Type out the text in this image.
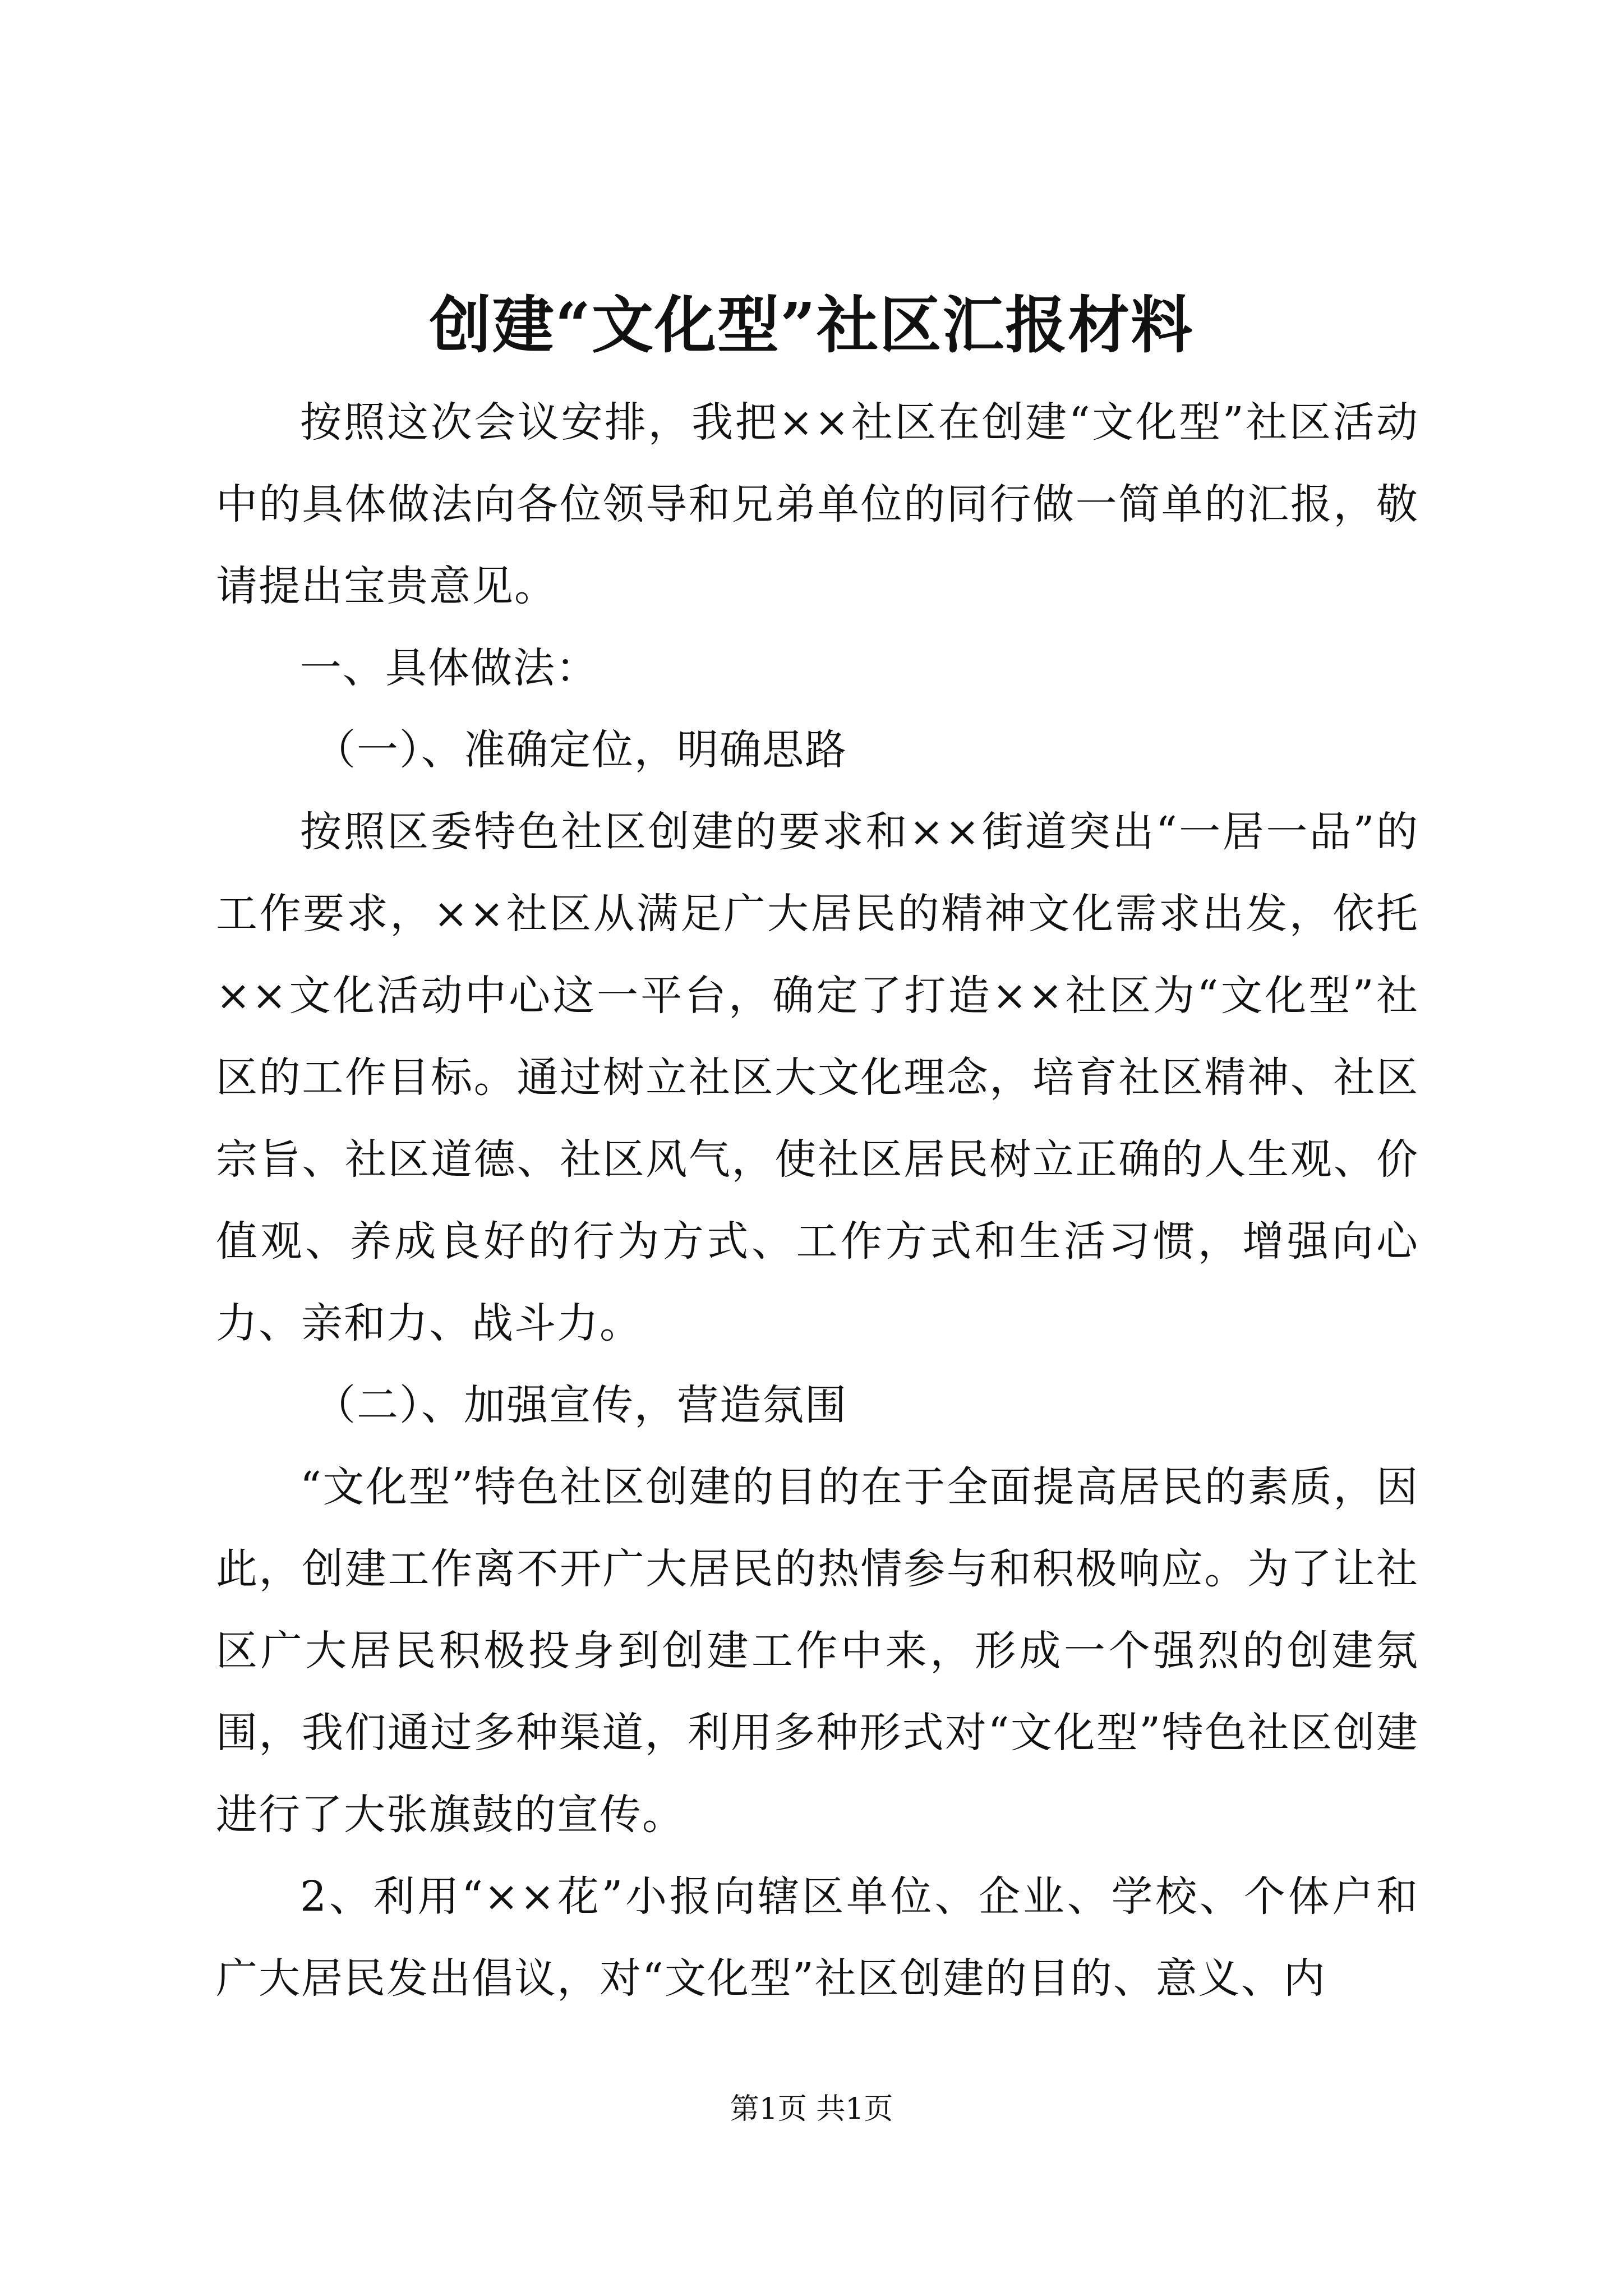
创建“文化型”社区汇报材料

按照这次会议安排，我把××社区在创建“文化型”社区活动中的具体做法向各位领导和兄弟单位的同行做一简单的汇报，敬请提出宝贵意见。

一、具体做法：

（一）、准确定位，明确思路

按照区委特色社区创建的要求和××街道突出“一居一品”的工作要求，××社区从满足广大居民的精神文化需求出发，依托××文化活动中心这一平台，确定了打造××社区为“文化型”社区的工作目标。通过树立社区大文化理念，培育社区精神、社区宗旨、社区道德、社区风气，使社区居民树立正确的人生观、价值观、养成良好的行为方式、工作方式和生活习惯，增强向心力、亲和力、战斗力。

（二）、加强宣传，营造氛围

“文化型”特色社区创建的目的在于全面提高居民的素质，因此，创建工作离不开广大居民的热情参与和积极响应。为了让社区广大居民积极投身到创建工作中来，形成一个强烈的创建氛围，我们通过多种渠道，利用多种形式对“文化型”特色社区创建进行了大张旗鼓的宣传。

2、利用“××花”小报向辖区单位、企业、学校、个体户和广大居民发出倡议，对“文化型”社区创建的目的、意义、内

第1页 共1页
